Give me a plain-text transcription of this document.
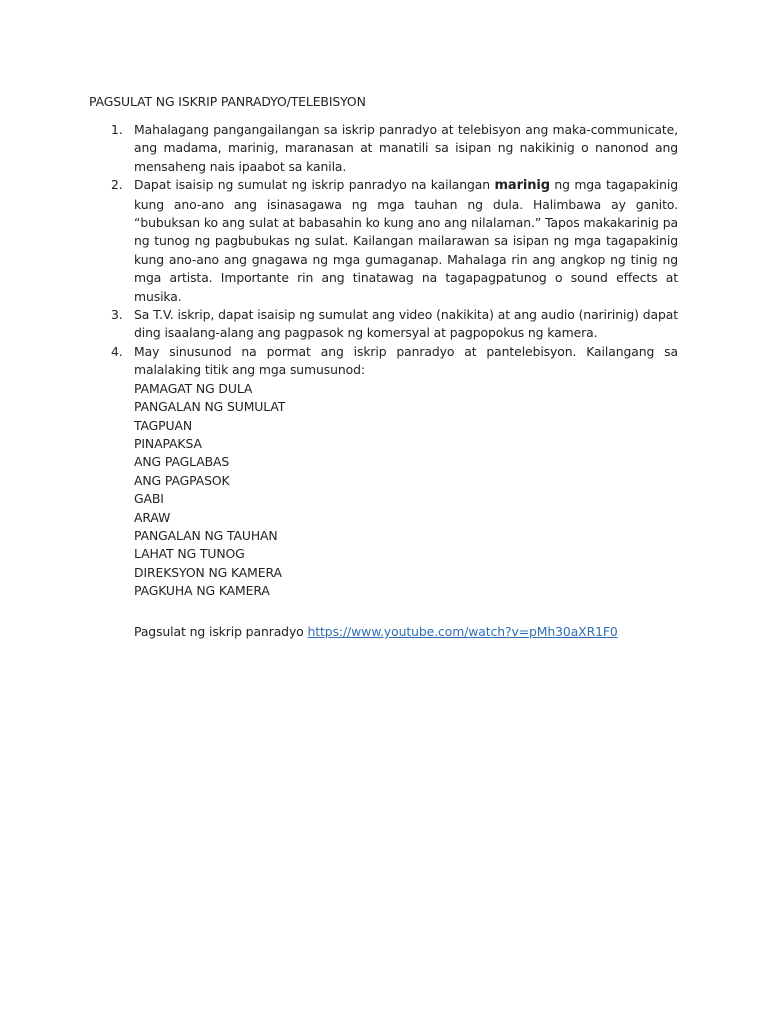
PAGSULAT NG ISKRIP PANRADYO/TELEBISYON
1. Mahalagang pangangailangan sa iskrip panradyo at telebisyon ang maka-communicate, ang madama, marinig, maranasan at manatili sa isipan ng nakikinig o nanonod ang mensaheng nais ipaabot sa kanila.
2. Dapat isaisip ng sumulat ng iskrip panradyo na kailangan marinig ng mga tagapakinig kung ano-ano ang isinasagawa ng mga tauhan ng dula. Halimbawa ay ganito. “bubuksan ko ang sulat at babasahin ko kung ano ang nilalaman.” Tapos makakarinig pa ng tunog ng pagbubukas ng sulat. Kailangan mailarawan sa isipan ng mga tagapakinig kung ano-ano ang gnagawa ng mga gumaganap. Mahalaga rin ang angkop ng tinig ng mga artista. Importante rin ang tinatawag na tagapagpatunog o sound effects at musika.
3. Sa T.V. iskrip, dapat isaisip ng sumulat ang video (nakikita) at ang audio (naririnig) dapat ding isaalang-alang ang pagpasok ng komersyal at pagpopokus ng kamera.
4. May sinusunod na pormat ang iskrip panradyo at pantelebisyon. Kailangang sa malalaking titik ang mga sumusunod:
PAMAGAT NG DULA
PANGALAN NG SUMULAT
TAGPUAN
PINAPAKSA
ANG PAGLABAS
ANG PAGPASOK
GABI
ARAW
PANGALAN NG TAUHAN
LAHAT NG TUNOG
DIREKSYON NG KAMERA
PAGKUHA NG KAMERA
Pagsulat ng iskrip panradyo https://www.youtube.com/watch?v=pMh30aXR1F0
